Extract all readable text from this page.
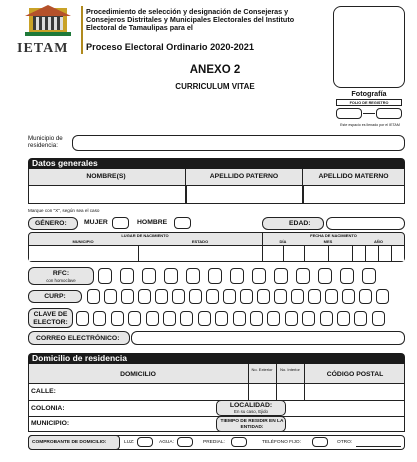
IETAM
Procedimiento de selección y designación de Consejeras y Consejeros Distritales y Municipales Electorales del Instituto Electoral de Tamaulipas para el
Proceso Electoral Ordinario 2020-2021
ANEXO 2
CURRICULUM VITAE
Fotografía
FOLIO DE REGISTRO
Este espacio es llenado por el IETAM
Municipio de residencia:
Datos generales
NOMBRE(S)	APELLIDO PATERNO	APELLIDO MATERNO
Marque con "X", según sea el caso
GÉNERO:	MUJER	HOMBRE	EDAD:
LUGAR DE NACIMIENTO	FECHA DE NACIMIENTO
MUNICIPIO	ESTADO	DÍA	MES	AÑO
RFC:
con homoclave
CURP:
CLAVE DE ELECTOR:
CORREO ELECTRÓNICO:
Domicilio de residencia
DOMICILIO
No. Exterior	No. Interior
CÓDIGO POSTAL
CALLE:
COLONIA:	LOCALIDAD:
En su caso, Ejido
MUNICIPIO:	TIEMPO DE RESIDIR EN LA ENTIDAD:
COMPROBANTE DE DOMICILIO:	LUZ:	AGUA:	PREDIAL:	TELÉFONO FIJO:	OTRO:
